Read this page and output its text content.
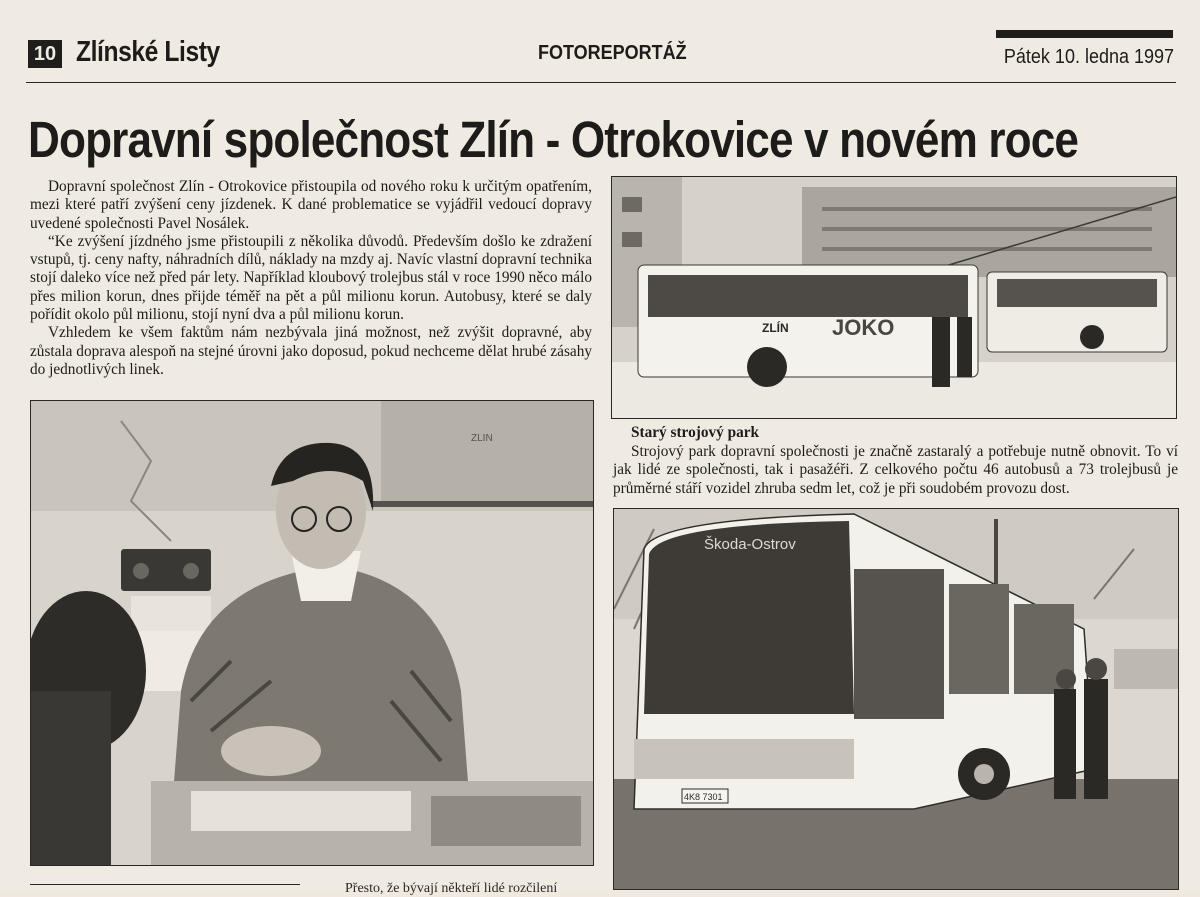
10 Zlínské Listy	FOTOREPORTÁŽ	Pátek 10. ledna 1997
Dopravní společnost Zlín - Otrokovice v novém roce

Dopravní společnost Zlín - Otrokovice přistoupila od nového roku k určitým opatřením, mezi které patří zvýšení ceny jízdenek. K dané problematice se vyjádřil vedoucí dopravy uvedené společnosti Pavel Nosálek.

“Ke zvýšení jízdného jsme přistoupili z několika důvodů. Především došlo ke zdražení vstupů, tj. ceny nafty, náhradních dílů, náklady na mzdy aj. Navíc vlastní dopravní technika stojí daleko více než před pár lety. Například kloubový trolejbus stál v roce 1990 něco málo přes milion korun, dnes přijde téměř na pět a půl milionu korun. Autobusy, které se daly pořídit okolo půl milionu, stojí nyní dva a půl milionu korun.

Vzhledem ke všem faktům nám nezbývala jiná možnost, než zvýšit dopravné, aby zůstala doprava alespoň na stejné úrovni jako doposud, pokud nechceme dělat hrubé zásahy do jednotlivých linek.

ZLIN
ZLÍN JOKO
Starý strojový park

Strojový park dopravní společnosti je značně zastaralý a potřebuje nutně obnovit. To ví jak lidé ze společnosti, tak i pasažéři. Z celkového počtu 46 autobusů a 73 trolejbusů je průměrné stáří vozidel zhruba sedm let, což je při soudobém provozu dost.

Škoda-Ostrov
4K8 7301
Přesto, že bývají někteří lidé rozčilení
